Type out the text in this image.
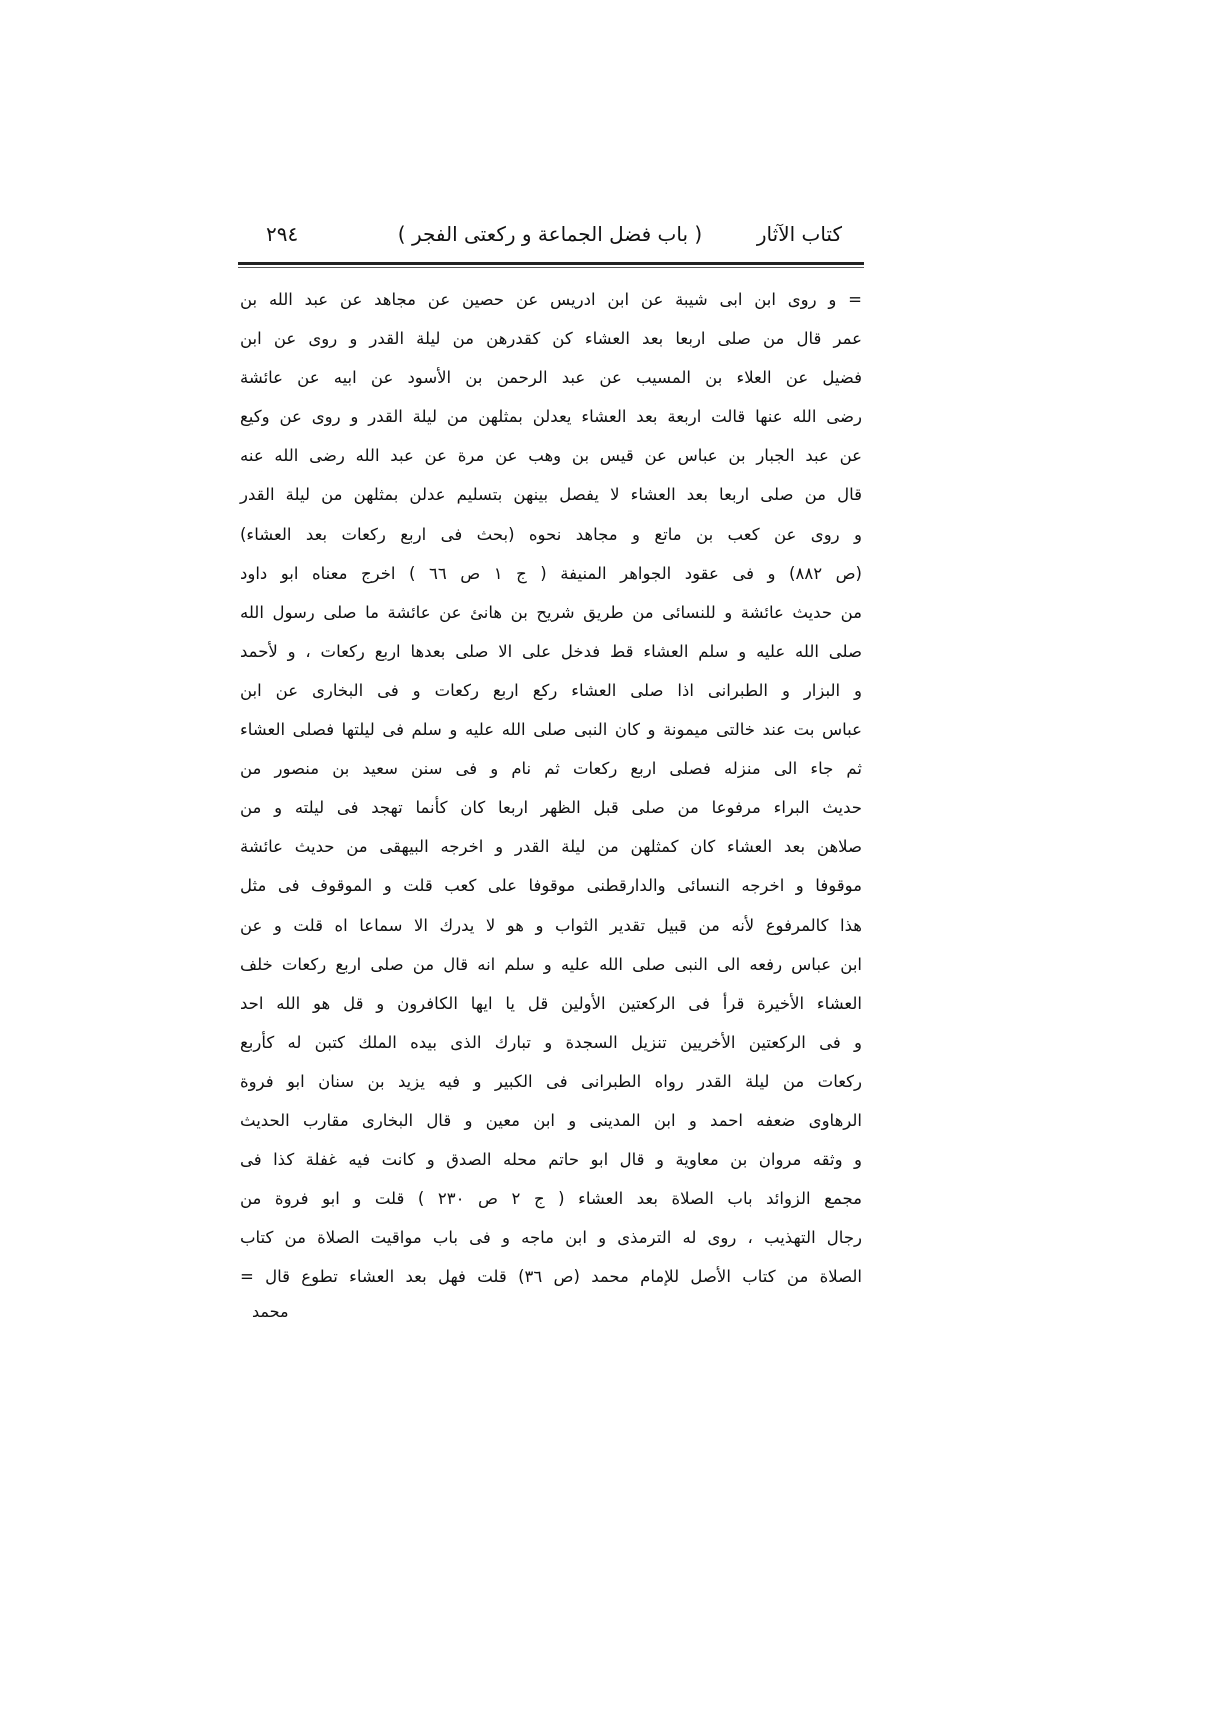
كتاب الآثار
( باب فضل الجماعة و ركعتى الفجر )
٢٩٤
= و روى ابن ابى شيبة عن ابن ادريس عن حصين عن مجاهد عن عبد الله بن
عمر قال من صلى اربعا بعد العشاء كن كقدرهن من ليلة القدر و روى عن ابن
فضيل عن العلاء بن المسيب عن عبد الرحمن بن الأسود عن ابيه عن عائشة
رضى الله عنها قالت اربعة بعد العشاء يعدلن بمثلهن من ليلة القدر و روى عن وكيع
عن عبد الجبار بن عباس عن قيس بن وهب عن مرة عن عبد الله رضى الله عنه
قال من صلى اربعا بعد العشاء لا يفصل بينهن بتسليم عدلن بمثلهن من ليلة القدر
و روى عن كعب بن ماتع و مجاهد نحوه (بحث فى اربع ركعات بعد العشاء)
(ص ٨٨٢) و فى عقود الجواهر المنيفة ( ج ١ ص ٦٦ ) اخرج معناه ابو داود
من حديث عائشة و للنسائى من طريق شريح بن هانئ عن عائشة ما صلى رسول الله
صلى الله عليه و سلم العشاء قط فدخل على الا صلى بعدها اربع ركعات ، و لأحمد
و البزار و الطبرانى اذا صلى العشاء ركع اربع ركعات و فى البخارى عن ابن
عباس بت عند خالتى ميمونة و كان النبى صلى الله عليه و سلم فى ليلتها فصلى العشاء
ثم جاء الى منزله فصلى اربع ركعات ثم نام و فى سنن سعيد بن منصور من
حديث البراء مرفوعا من صلى قبل الظهر اربعا كان كأنما تهجد فى ليلته و من
صلاهن بعد العشاء كان كمثلهن من ليلة القدر و اخرجه البيهقى من حديث عائشة
موقوفا و اخرجه النسائى والدارقطنى موقوفا على كعب قلت و الموقوف فى مثل
هذا كالمرفوع لأنه من قبيل تقدير الثواب و هو لا يدرك الا سماعا اه قلت و عن
ابن عباس رفعه الى النبى صلى الله عليه و سلم انه قال من صلى اربع ركعات خلف
العشاء الأخيرة قرأ فى الركعتين الأولين قل يا ايها الكافرون و قل هو الله احد
و فى الركعتين الأخريين تنزيل السجدة و تبارك الذى بيده الملك كتبن له كأربع
ركعات من ليلة القدر رواه الطبرانى فى الكبير و فيه يزيد بن سنان ابو فروة
الرهاوى ضعفه احمد و ابن المدينى و ابن معين و قال البخارى مقارب الحديث
و وثقه مروان بن معاوية و قال ابو حاتم محله الصدق و كانت فيه غفلة كذا فى
مجمع الزوائد باب الصلاة بعد العشاء ( ج ٢ ص ٢٣٠ ) قلت و ابو فروة من
رجال التهذيب ، روى له الترمذى و ابن ماجه و فى باب مواقيت الصلاة من كتاب
الصلاة من كتاب الأصل للإمام محمد (ص ٣٦) قلت فهل بعد العشاء تطوع قال =
محمد
